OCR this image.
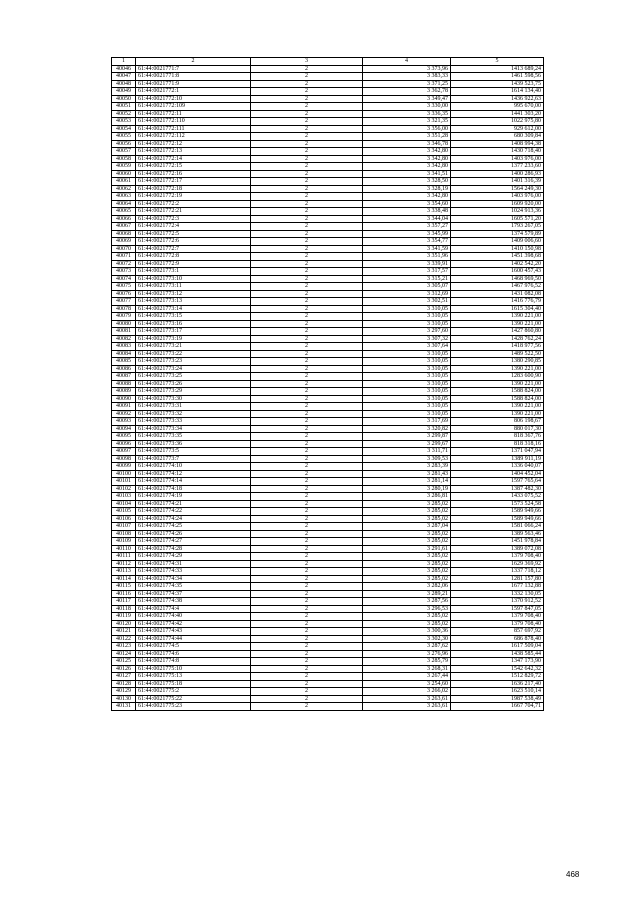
1	2	3	4	5
40046	61:44:0021771:7	2	3 373,96	1413 689,24
40047	61:44:0021771:8	2	3 383,33	1461 598,56
40048	61:44:0021771:9	2	3 371,25	1439 523,75
40049	61:44:0021772:1	2	3 362,78	1614 134,40
40050	61:44:0021772:10	2	3 349,47	1436 922,63
40051	61:44:0021772:109	2	3 330,00	995 670,00
40052	61:44:0021772:11	2	3 336,35	1441 303,20
40053	61:44:0021772:110	2	3 321,35	1022 975,80
40054	61:44:0021772:111	2	3 356,00	929 612,00
40055	61:44:0021772:112	2	3 351,28	680 309,84
40056	61:44:0021772:12	2	3 346,78	1408 994,38
40057	61:44:0021772:13	2	3 342,80	1430 718,40
40058	61:44:0021772:14	2	3 342,80	1403 976,00
40059	61:44:0021772:15	2	3 342,80	1377 233,60
40060	61:44:0021772:16	2	3 341,51	1400 286,93
40061	61:44:0021772:17	2	3 328,50	1401 316,39
40062	61:44:0021772:18	2	3 328,19	1564 249,30
40063	61:44:0021772:19	2	3 342,80	1403 976,00
40064	61:44:0021772:2	2	3 354,60	1609 920,00
40065	61:44:0021772:21	2	3 338,48	1024 913,36
40066	61:44:0021772:3	2	3 344,04	1605 571,20
40067	61:44:0021772:4	2	3 357,27	1793 267,05
40068	61:44:0021772:5	2	3 345,99	1374 579,89
40069	61:44:0021772:6	2	3 354,77	1409 006,60
40070	61:44:0021772:7	2	3 341,59	1410 150,98
40071	61:44:0021772:8	2	3 351,96	1451 398,68
40072	61:44:0021772:9	2	3 339,91	1402 542,20
40073	61:44:0021773:1	2	3 317,57	1600 457,43
40074	61:44:0021773:10	2	3 315,21	1468 969,50
40075	61:44:0021773:11	2	3 305,07	1467 976,52
40076	61:44:0021773:12	2	3 312,69	1431 082,08
40077	61:44:0021773:13	2	3 302,51	1416 776,79
40078	61:44:0021773:14	2	3 310,05	1615 304,40
40079	61:44:0021773:15	2	3 310,05	1390 221,00
40080	61:44:0021773:16	2	3 310,05	1390 221,00
40081	61:44:0021773:17	2	3 297,60	1427 860,80
40082	61:44:0021773:19	2	3 307,32	1428 762,24
40083	61:44:0021773:21	2	3 307,64	1418 977,56
40084	61:44:0021773:22	2	3 310,05	1489 522,50
40085	61:44:0021773:23	2	3 310,05	1380 290,85
40086	61:44:0021773:24	2	3 310,05	1390 221,00
40087	61:44:0021773:25	2	3 310,05	1283 600,90
40088	61:44:0021773:26	2	3 310,05	1390 221,00
40089	61:44:0021773:29	2	3 310,05	1588 824,00
40090	61:44:0021773:30	2	3 310,05	1588 824,00
40091	61:44:0021773:31	2	3 310,05	1390 221,00
40092	61:44:0021773:32	2	3 310,05	1390 221,00
40093	61:44:0021773:33	2	3 317,69	806 198,67
40094	61:44:0021773:34	2	3 320,82	880 017,30
40095	61:44:0021773:35	2	3 299,87	818 367,76
40096	61:44:0021773:36	2	3 299,67	818 318,16
40097	61:44:0021773:5	2	3 311,71	1371 047,94
40098	61:44:0021773:7	2	3 309,53	1389 911,19
40099	61:44:0021774:10	2	3 283,39	1336 040,07
40100	61:44:0021774:12	2	3 281,43	1404 452,04
40101	61:44:0021774:14	2	3 281,14	1597 765,64
40102	61:44:0021774:18	2	3 280,19	1387 482,30
40103	61:44:0021774:19	2	3 286,81	1433 075,52
40104	61:44:0021774:21	2	3 285,02	1573 524,58
40105	61:44:0021774:22	2	3 285,02	1589 949,66
40106	61:44:0021774:24	2	3 285,02	1589 949,66
40107	61:44:0021774:25	2	3 287,04	1581 066,24
40108	61:44:0021774:26	2	3 285,02	1389 563,46
40109	61:44:0021774:27	2	3 285,02	1451 978,84
40110	61:44:0021774:28	2	3 291,61	1389 072,08
40111	61:44:0021774:29	2	3 285,02	1379 708,40
40112	61:44:0021774:31	2	3 285,02	1629 369,92
40113	61:44:0021774:33	2	3 285,02	1337 718,12
40114	61:44:0021774:34	2	3 285,02	1281 157,80
40115	61:44:0021774:35	2	3 282,06	1677 132,88
40116	61:44:0021774:37	2	3 289,21	1332 130,05
40117	61:44:0021774:38	2	3 287,56	1370 912,52
40118	61:44:0021774:4	2	3 296,53	1597 847,05
40119	61:44:0021774:40	2	3 285,02	1379 708,40
40120	61:44:0021774:42	2	3 285,02	1379 708,40
40121	61:44:0021774:43	2	3 300,36	857 697,92
40122	61:44:0021774:44	2	3 302,30	686 878,40
40123	61:44:0021774:5	2	3 287,62	1617 509,04
40124	61:44:0021774:6	2	3 276,96	1438 585,44
40125	61:44:0021774:8	2	3 285,79	1347 173,90
40126	61:44:0021775:10	2	3 268,31	1542 642,32
40127	61:44:0021775:13	2	3 267,44	1512 829,72
40128	61:44:0021775:18	2	3 254,60	1636 217,40
40129	61:44:0021775:2	2	3 266,02	1623 510,14
40130	61:44:0021775:22	2	3 263,61	1987 538,49
40131	61:44:0021775:23	2	3 263,61	1667 704,71
468
